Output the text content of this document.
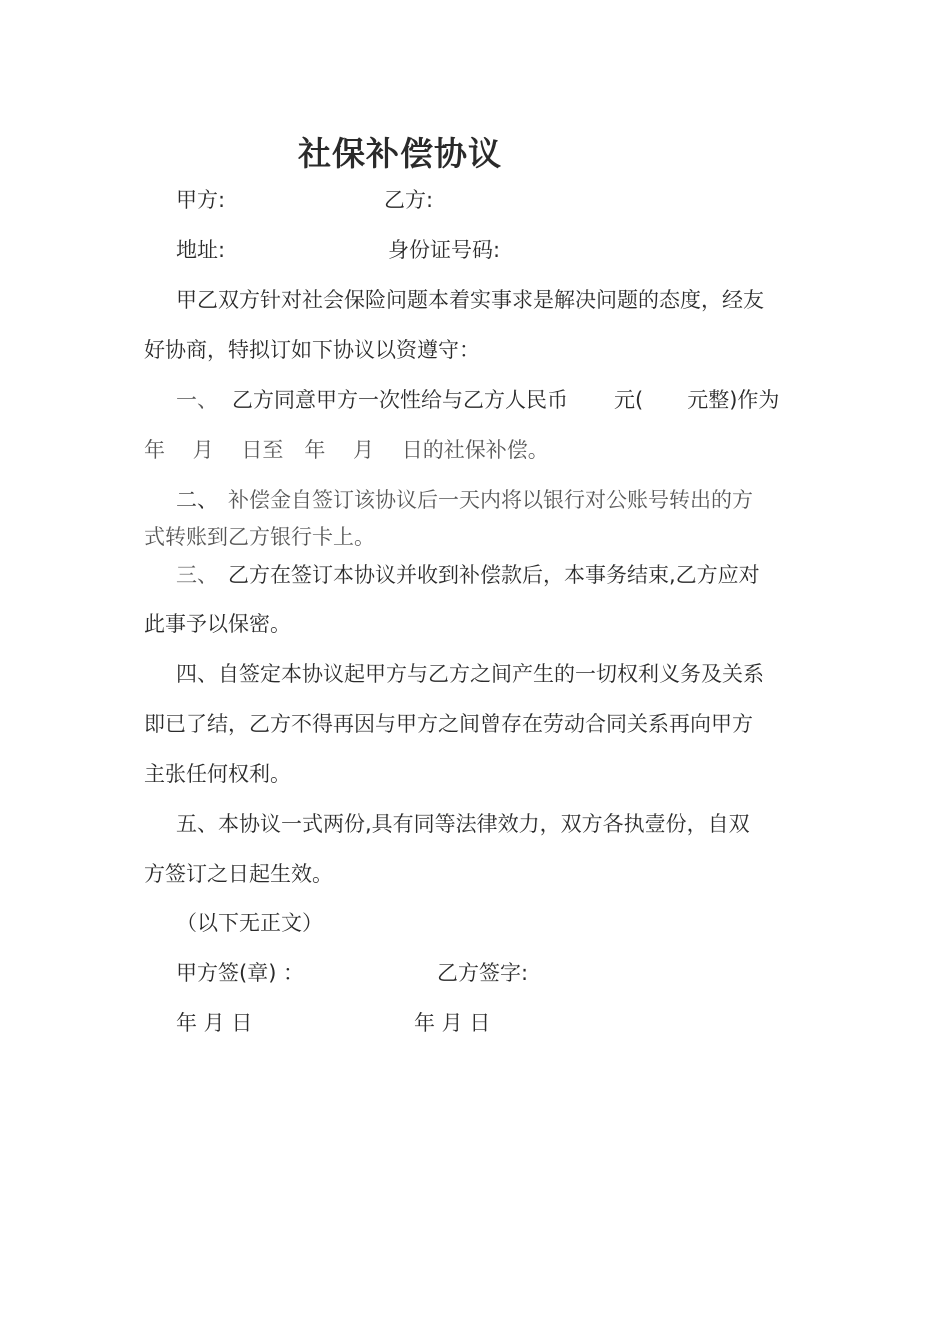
社保补偿协议
甲方:	乙方:
地址:	身份证号码:
甲乙双方针对社会保险问题本着实事求是解决问题的态度，经友
好协商，特拟订如下协议以资遵守：
一、 乙方同意甲方一次性给与乙方人民币 元( 元整)作为
年　 月　 日至　年　 月　 日的社保补偿。
二、 补偿金自签订该协议后一天内将以银行对公账号转出的方
式转账到乙方银行卡上。
三、 乙方在签订本协议并收到补偿款后，本事务结束,乙方应对
此事予以保密。
四、自签定本协议起甲方与乙方之间产生的一切权利义务及关系
即已了结，乙方不得再因与甲方之间曾存在劳动合同关系再向甲方
主张任何权利。
五、本协议一式两份,具有同等法律效力，双方各执壹份，自双
方签订之日起生效。
（以下无正文）
甲方签(章) ：	乙方签字:
年 月 日	年 月 日
